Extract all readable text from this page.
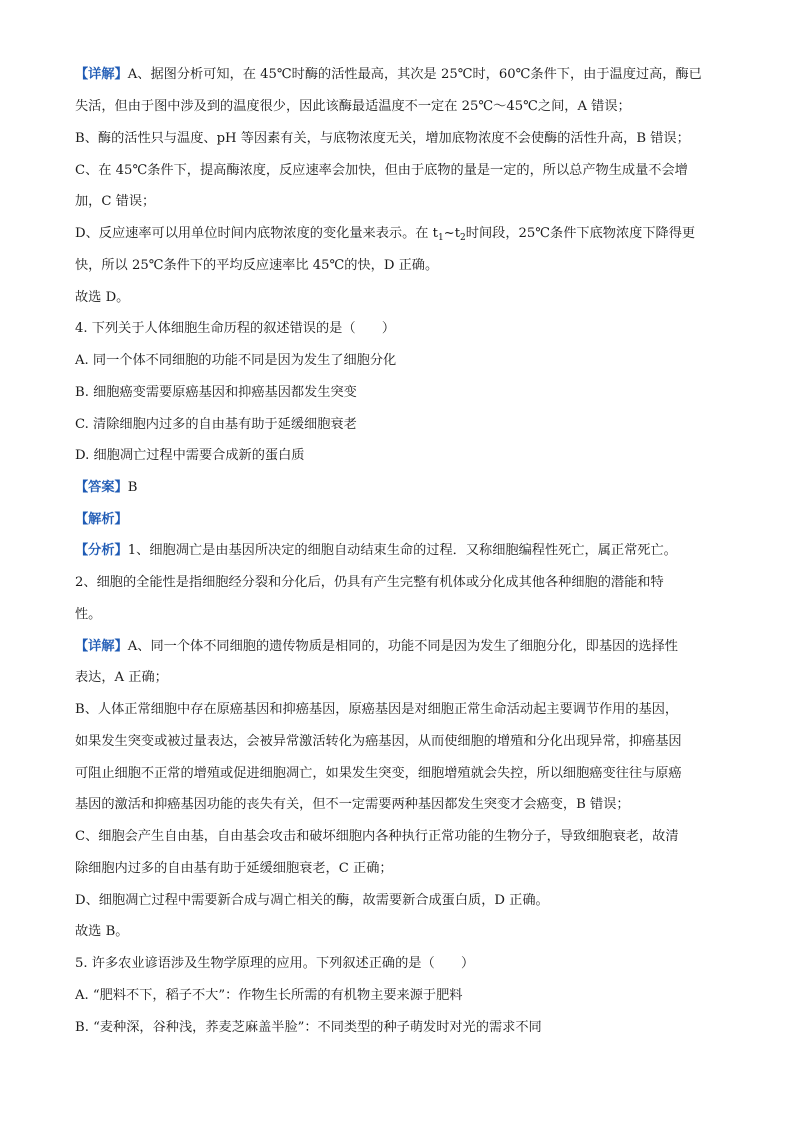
【详解】A、据图分析可知，在 45℃时酶的活性最高，其次是 25℃时，60℃条件下，由于温度过高，酶已

失活，但由于图中涉及到的温度很少，因此该酶最适温度不一定在 25℃～45℃之间，A 错误；

B、酶的活性只与温度、pH 等因素有关，与底物浓度无关，增加底物浓度不会使酶的活性升高，B 错误；

C、在 45℃条件下，提高酶浓度，反应速率会加快，但由于底物的量是一定的，所以总产物生成量不会增

加，C 错误；

D、反应速率可以用单位时间内底物浓度的变化量来表示。在 $t_1\sim t_2$时间段，25℃条件下底物浓度下降得更

快，所以 25℃条件下的平均反应速率比 45℃的快，D 正确。

故选 D。

4. 下列关于人体细胞生命历程的叙述错误的是（　　）

A. 同一个体不同细胞的功能不同是因为发生了细胞分化

B. 细胞癌变需要原癌基因和抑癌基因都发生突变

C. 清除细胞内过多的自由基有助于延缓细胞衰老

D. 细胞凋亡过程中需要合成新的蛋白质

【答案】B

【解析】

【分析】1、细胞凋亡是由基因所决定的细胞自动结束生命的过程．又称细胞编程性死亡，属正常死亡。

2、细胞的全能性是指细胞经分裂和分化后，仍具有产生完整有机体或分化成其他各种细胞的潜能和特

性。

【详解】A、同一个体不同细胞的遗传物质是相同的，功能不同是因为发生了细胞分化，即基因的选择性

表达，A 正确；

B、人体正常细胞中存在原癌基因和抑癌基因，原癌基因是对细胞正常生命活动起主要调节作用的基因，

如果发生突变或被过量表达，会被异常激活转化为癌基因，从而使细胞的增殖和分化出现异常，抑癌基因

可阻止细胞不正常的增殖或促进细胞凋亡，如果发生突变，细胞增殖就会失控，所以细胞癌变往往与原癌

基因的激活和抑癌基因功能的丧失有关，但不一定需要两种基因都发生突变才会癌变，B 错误；

C、细胞会产生自由基，自由基会攻击和破坏细胞内各种执行正常功能的生物分子，导致细胞衰老，故清

除细胞内过多的自由基有助于延缓细胞衰老，C 正确；

D、细胞凋亡过程中需要新合成与凋亡相关的酶，故需要新合成蛋白质，D 正确。

故选 B。

5. 许多农业谚语涉及生物学原理的应用。下列叙述正确的是（　　）

A. “肥料不下，稻子不大”：作物生长所需的有机物主要来源于肥料

B. “麦种深，谷种浅，荞麦芝麻盖半脸”：不同类型的种子萌发时对光的需求不同
